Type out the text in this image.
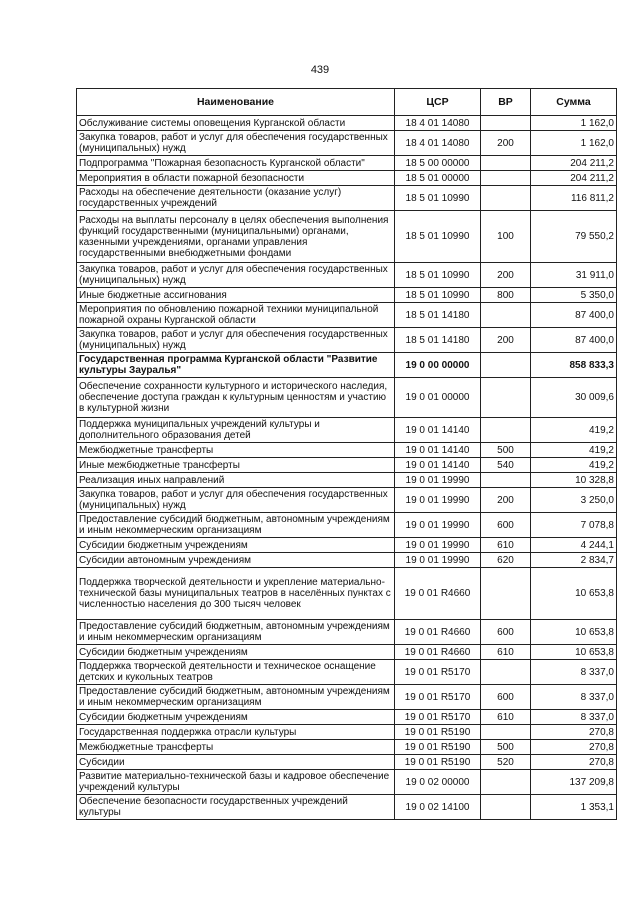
439
Наименование	ЦСР	ВР	Сумма
Обслуживание системы оповещения Курганской области	18 4 01 14080		1 162,0
Закупка товаров, работ и услуг для обеспечения государственных (муниципальных) нужд	18 4 01 14080	200	1 162,0
Подпрограмма "Пожарная безопасность Курганской области"	18 5 00 00000		204 211,2
Мероприятия в области пожарной безопасности	18 5 01 00000		204 211,2
Расходы на обеспечение деятельности (оказание услуг) государственных учреждений	18 5 01 10990		116 811,2
Расходы на выплаты персоналу в целях обеспечения выполнения функций государственными (муниципальными) органами, казенными учреждениями, органами управления государственными внебюджетными фондами	18 5 01 10990	100	79 550,2
Закупка товаров, работ и услуг для обеспечения государственных (муниципальных) нужд	18 5 01 10990	200	31 911,0
Иные бюджетные ассигнования	18 5 01 10990	800	5 350,0
Мероприятия по обновлению пожарной техники муниципальной пожарной охраны Курганской области	18 5 01 14180		87 400,0
Закупка товаров, работ и услуг для обеспечения государственных (муниципальных) нужд	18 5 01 14180	200	87 400,0
Государственная программа Курганской области "Развитие культуры Зауралья"	19 0 00 00000		858 833,3
Обеспечение сохранности культурного и исторического наследия, обеспечение доступа граждан к культурным ценностям и участию в культурной жизни	19 0 01 00000		30 009,6
Поддержка муниципальных учреждений культуры и дополнительного образования детей	19 0 01 14140		419,2
Межбюджетные трансферты	19 0 01 14140	500	419,2
Иные межбюджетные трансферты	19 0 01 14140	540	419,2
Реализация иных направлений	19 0 01 19990		10 328,8
Закупка товаров, работ и услуг для обеспечения государственных (муниципальных) нужд	19 0 01 19990	200	3 250,0
Предоставление субсидий бюджетным, автономным учреждениям и иным некоммерческим организациям	19 0 01 19990	600	7 078,8
Субсидии бюджетным учреждениям	19 0 01 19990	610	4 244,1
Субсидии автономным учреждениям	19 0 01 19990	620	2 834,7
Поддержка творческой деятельности и укрепление материально-технической базы муниципальных театров в населённых пунктах с численностью населения до 300 тысяч человек	19 0 01 R4660		10 653,8
Предоставление субсидий бюджетным, автономным учреждениям и иным некоммерческим организациям	19 0 01 R4660	600	10 653,8
Субсидии бюджетным учреждениям	19 0 01 R4660	610	10 653,8
Поддержка творческой деятельности и техническое оснащение детских и кукольных театров	19 0 01 R5170		8 337,0
Предоставление субсидий бюджетным, автономным учреждениям и иным некоммерческим организациям	19 0 01 R5170	600	8 337,0
Субсидии бюджетным учреждениям	19 0 01 R5170	610	8 337,0
Государственная поддержка отрасли культуры	19 0 01 R5190		270,8
Межбюджетные трансферты	19 0 01 R5190	500	270,8
Субсидии	19 0 01 R5190	520	270,8
Развитие материально-технической базы и кадровое обеспечение учреждений культуры	19 0 02 00000		137 209,8
Обеспечение безопасности государственных учреждений культуры	19 0 02 14100		1 353,1
